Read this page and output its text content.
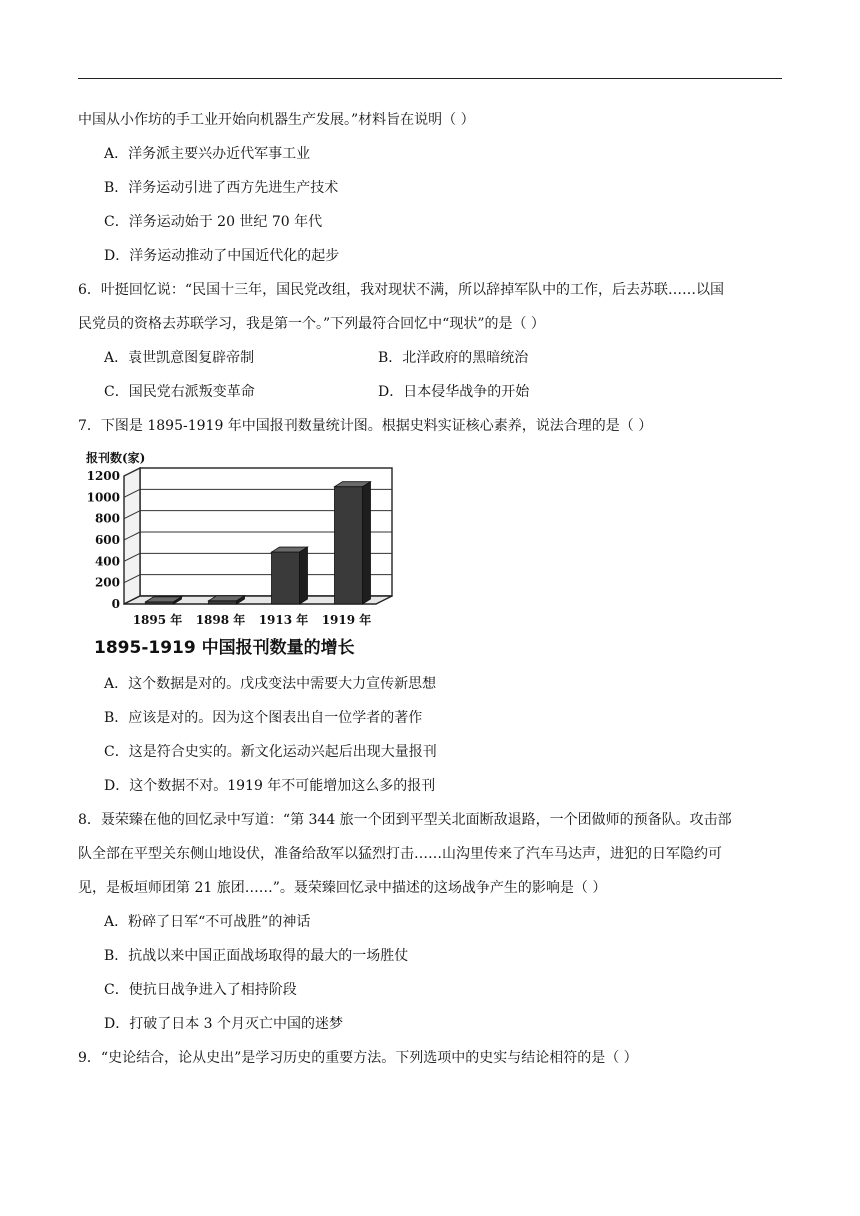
中国从小作坊的手工业开始向机器生产发展。”材料旨在说明（ ）
A．洋务派主要兴办近代军事工业
B．洋务运动引进了西方先进生产技术
C．洋务运动始于 20 世纪 70 年代
D．洋务运动推动了中国近代化的起步
6．叶挺回忆说：“民国十三年，国民党改组，我对现状不满，所以辞掉军队中的工作，后去苏联……以国
民党员的资格去苏联学习，我是第一个。”下列最符合回忆中“现状”的是（ ）
A．袁世凯意图复辟帝制	B．北洋政府的黑暗统治
C．国民党右派叛变革命	D．日本侵华战争的开始
7．下图是 1895-1919 年中国报刊数量统计图。根据史料实证核心素养，说法合理的是（ ）
0
200
400
600
800
1000
1200
1895 年 1898 年 1913 年 1919 年
报刊数(家)
1895-1919 中国报刊数量的增长
A．这个数据是对的。戊戌变法中需要大力宣传新思想
B．应该是对的。因为这个图表出自一位学者的著作
C．这是符合史实的。新文化运动兴起后出现大量报刊
D．这个数据不对。1919 年不可能增加这么多的报刊
8．聂荣臻在他的回忆录中写道：“第 344 旅一个团到平型关北面断敌退路，一个团做师的预备队。攻击部
队全部在平型关东侧山地设伏，准备给敌军以猛烈打击……山沟里传来了汽车马达声，进犯的日军隐约可
见，是板垣师团第 21 旅团……”。聂荣臻回忆录中描述的这场战争产生的影响是（ ）
A．粉碎了日军“不可战胜”的神话
B．抗战以来中国正面战场取得的最大的一场胜仗
C．使抗日战争进入了相持阶段
D．打破了日本 3 个月灭亡中国的迷梦
9．“史论结合，论从史出”是学习历史的重要方法。下列选项中的史实与结论相符的是（ ）
